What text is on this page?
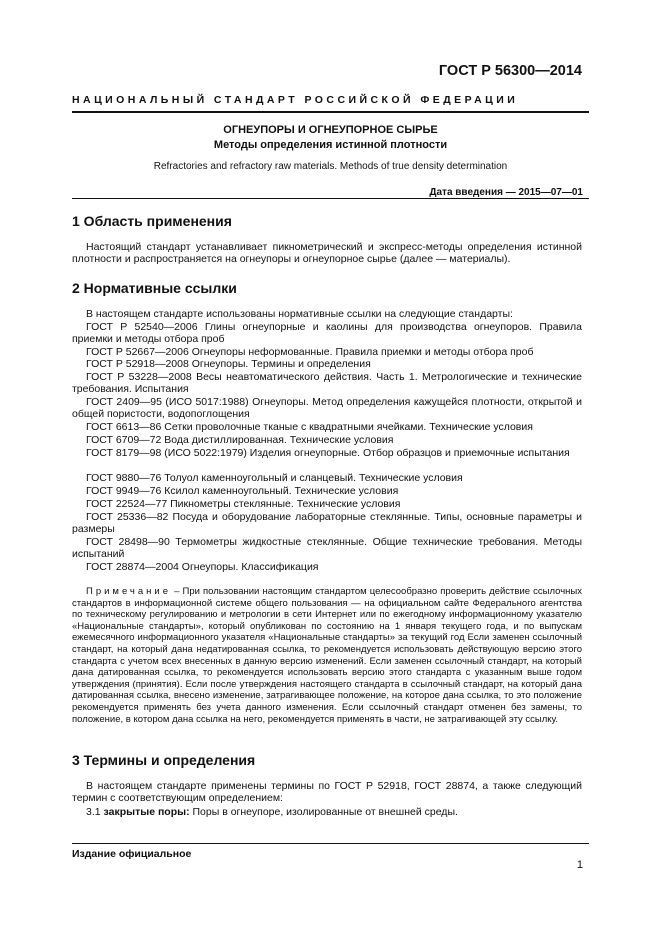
ГОСТ Р 56300—2014
НАЦИОНАЛЬНЫЙ СТАНДАРТ РОССИЙСКОЙ ФЕДЕРАЦИИ
ОГНЕУПОРЫ И ОГНЕУПОРНОЕ СЫРЬЕ
Методы определения истинной плотности
Refractories and refractory raw materials. Methods of true density determination
Дата введения — 2015—07—01
1 Область применения
Настоящий стандарт устанавливает пикнометрический и экспресс-методы определения истинной плотности и распространяется на огнеупоры и огнеупорное сырье (далее — материалы).
2 Нормативные ссылки
В настоящем стандарте использованы нормативные ссылки на следующие стандарты:
ГОСТ Р 52540—2006 Глины огнеупорные и каолины для производства огнеупоров. Правила приемки и методы отбора проб
ГОСТ Р 52667—2006 Огнеупоры неформованные. Правила приемки и методы отбора проб
ГОСТ Р 52918—2008 Огнеупоры. Термины и определения
ГОСТ Р 53228—2008 Весы неавтоматического действия. Часть 1. Метрологические и технические требования. Испытания
ГОСТ 2409—95 (ИСО 5017:1988) Огнеупоры. Метод определения кажущейся плотности, открытой и общей пористости, водопоглощения
ГОСТ 6613—86 Сетки проволочные тканые с квадратными ячейками. Технические условия
ГОСТ 6709—72 Вода дистиллированная. Технические условия
ГОСТ 8179—98 (ИСО 5022:1979) Изделия огнеупорные. Отбор образцов и приемочные испытания
ГОСТ 9880—76 Толуол каменноугольный и сланцевый. Технические условия
ГОСТ 9949—76 Ксилол каменноугольный. Технические условия
ГОСТ 22524—77 Пикнометры стеклянные. Технические условия
ГОСТ 25336—82 Посуда и оборудование лабораторные стеклянные. Типы, основные параметры и размеры
ГОСТ 28498—90 Термометры жидкостные стеклянные. Общие технические требования. Методы испытаний
ГОСТ 28874—2004 Огнеупоры. Классификация
Примечание – При пользовании настоящим стандартом целесообразно проверить действие ссылочных стандартов в информационной системе общего пользования — на официальном сайте Федерального агентства по техническому регулированию и метрологии в сети Интернет или по ежегодному информационному указателю «Национальные стандарты», который опубликован по состоянию на 1 января текущего года, и по выпускам ежемесячного информационного указателя «Национальные стандарты» за текущий год Если заменен ссылочный стандарт, на который дана недатированная ссылка, то рекомендуется использовать действующую версию этого стандарта с учетом всех внесенных в данную версию изменений. Если заменен ссылочный стандарт, на который дана датированная ссылка, то рекомендуется использовать версию этого стандарта с указанным выше годом утверждения (принятия). Если после утверждения настоящего стандарта в ссылочный стандарт, на который дана датированная ссылка, внесено изменение, затрагивающее положение, на которое дана ссылка, то это положение рекомендуется применять без учета данного изменения. Если ссылочный стандарт отменен без замены, то положение, в котором дана ссылка на него, рекомендуется применять в части, не затрагивающей эту ссылку.
3 Термины и определения
В настоящем стандарте применены термины по ГОСТ Р 52918, ГОСТ 28874, а также следующий термин с соответствующим определением:
3.1 закрытые поры: Поры в огнеупоре, изолированные от внешней среды.
Издание официальное
1
